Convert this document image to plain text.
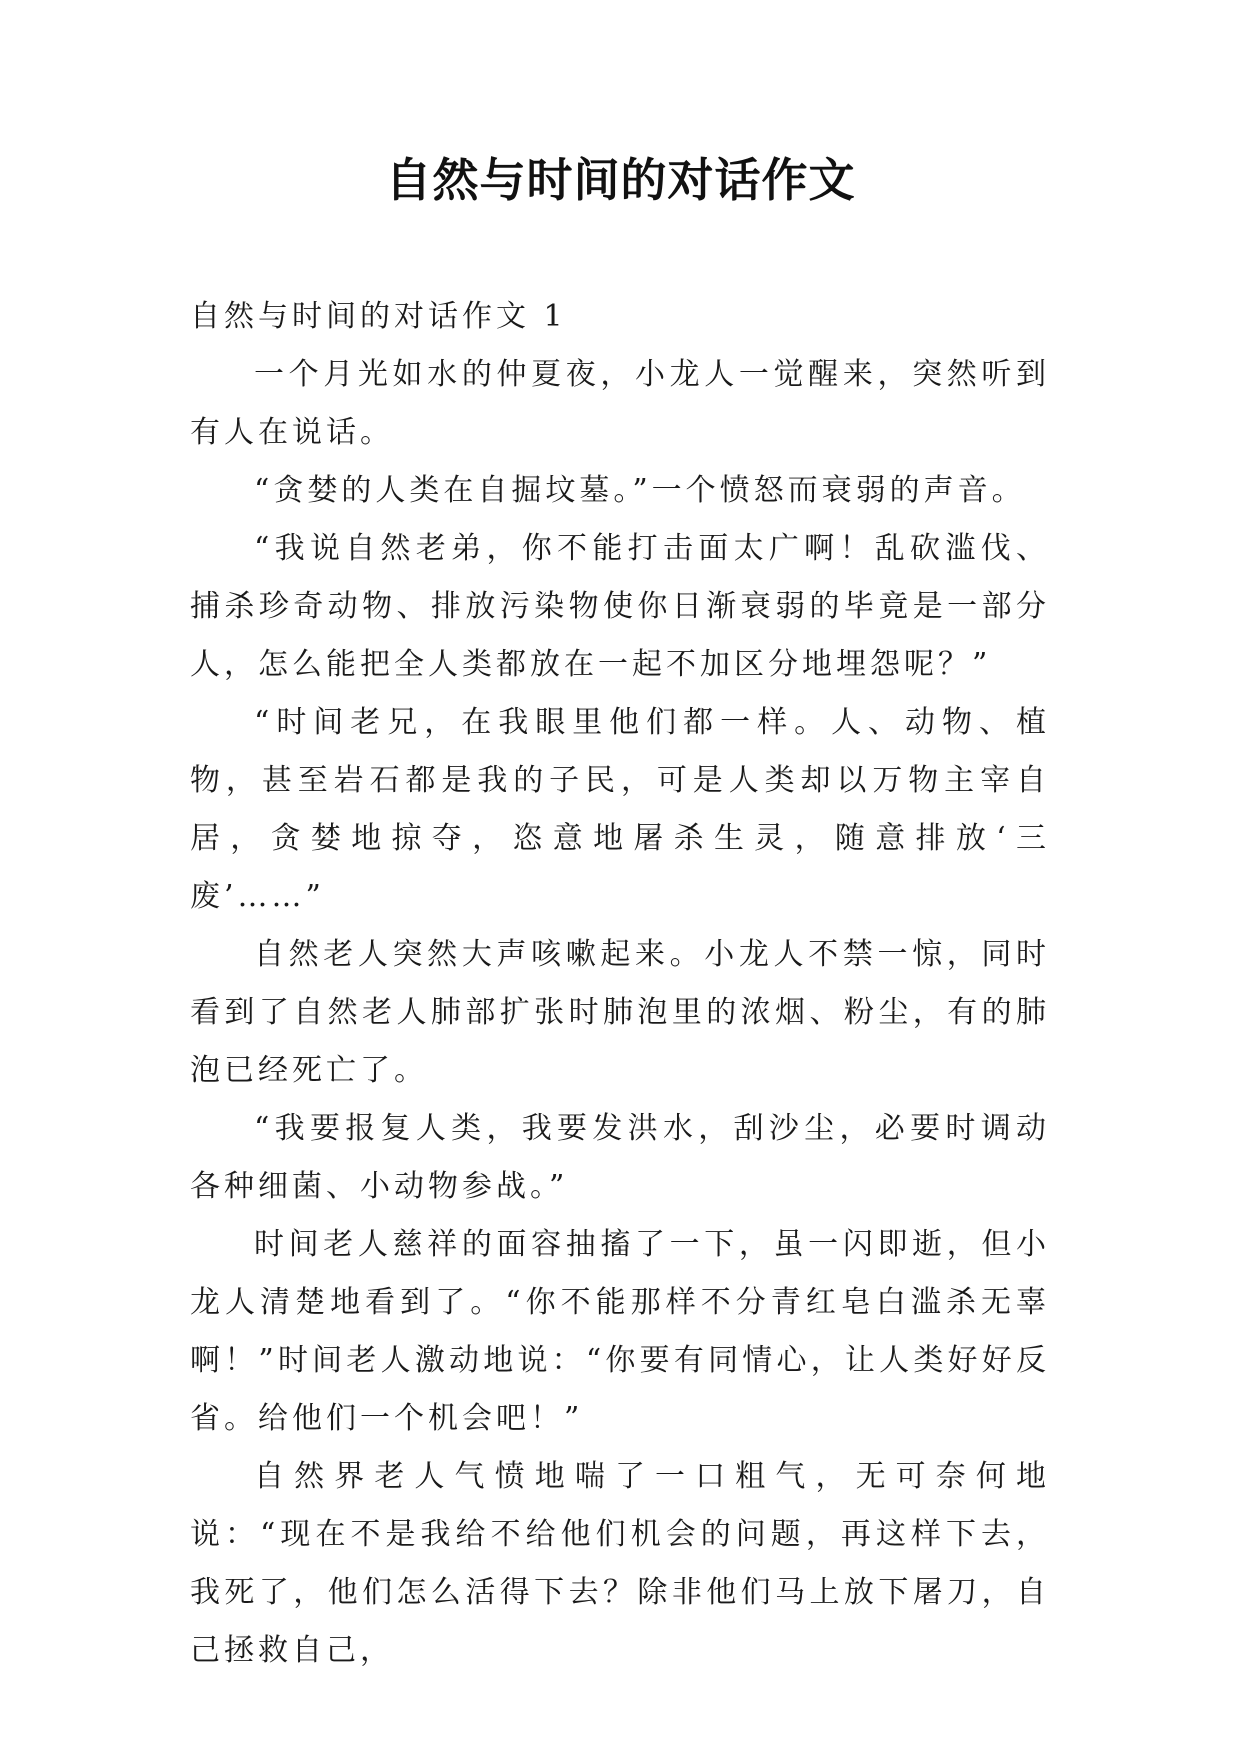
自然与时间的对话作文
自然与时间的对话作文 1

一个月光如水的仲夏夜，小龙人一觉醒来，突然听到有人在说话。

“贪婪的人类在自掘坟墓。”一个愤怒而衰弱的声音。

“我说自然老弟，你不能打击面太广啊！乱砍滥伐、捕杀珍奇动物、排放污染物使你日渐衰弱的毕竟是一部分人，怎么能把全人类都放在一起不加区分地埋怨呢？”

“时间老兄，在我眼里他们都一样。人、动物、植物，甚至岩石都是我的子民，可是人类却以万物主宰自居，贪婪地掠夺，恣意地屠杀生灵，随意排放‘三废’……”

自然老人突然大声咳嗽起来。小龙人不禁一惊，同时看到了自然老人肺部扩张时肺泡里的浓烟、粉尘，有的肺泡已经死亡了。

“我要报复人类，我要发洪水，刮沙尘，必要时调动各种细菌、小动物参战。”

时间老人慈祥的面容抽搐了一下，虽一闪即逝，但小龙人清楚地看到了。“你不能那样不分青红皂白滥杀无辜啊！”时间老人激动地说：“你要有同情心，让人类好好反省。给他们一个机会吧！”

自然界老人气愤地喘了一口粗气，无可奈何地说：“现在不是我给不给他们机会的问题，再这样下去，我死了，他们怎么活得下去？除非他们马上放下屠刀，自己拯救自己，
